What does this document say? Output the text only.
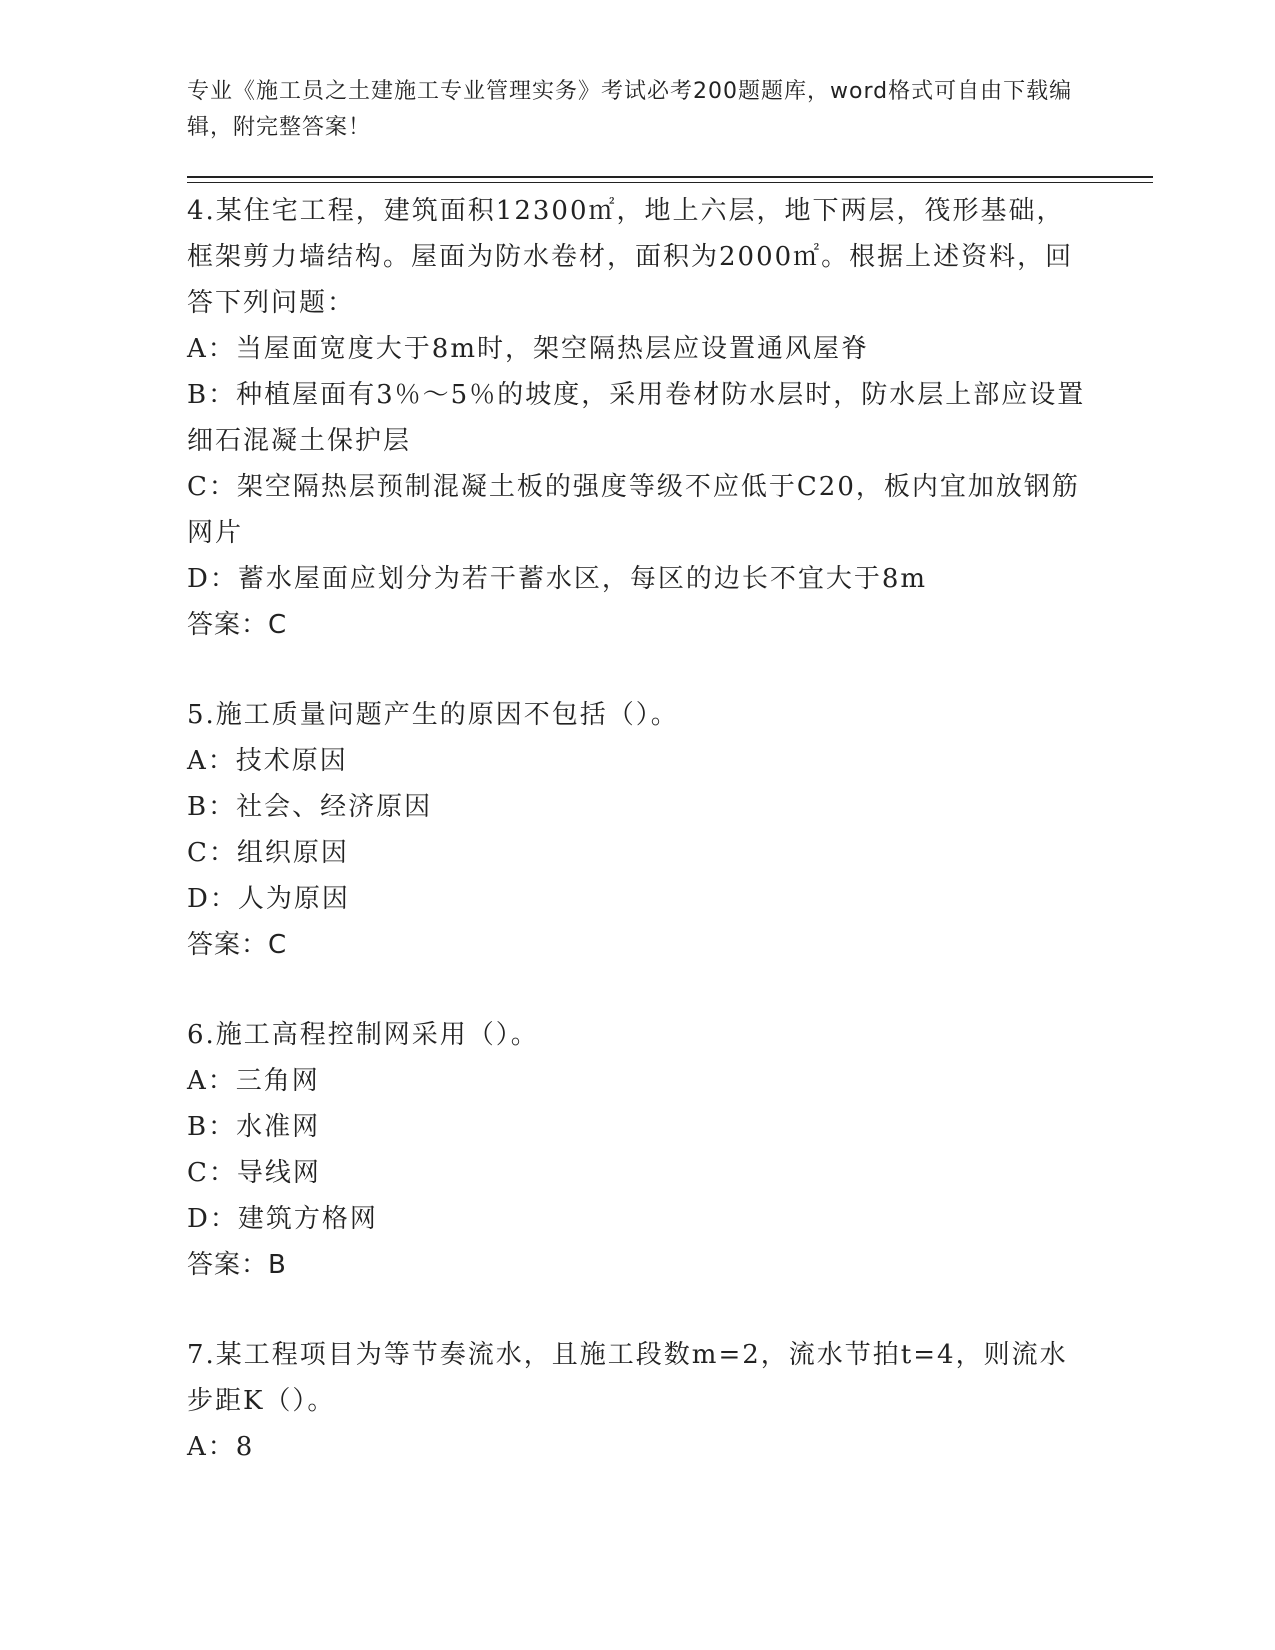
专业《施工员之土建施工专业管理实务》考试必考200题题库，word格式可自由下载编辑，附完整答案！

4.某住宅工程，建筑面积12300㎡，地上六层，地下两层，筏形基础，框架剪力墙结构。屋面为防水卷材，面积为2000㎡。根据上述资料，回答下列问题：

A：当屋面宽度大于8m时，架空隔热层应设置通风屋脊

B：种植屋面有3％～5％的坡度，采用卷材防水层时，防水层上部应设置细石混凝土保护层

C：架空隔热层预制混凝土板的强度等级不应低于C20，板内宜加放钢筋网片

D：蓄水屋面应划分为若干蓄水区，每区的边长不宜大于8m

答案：C

5.施工质量问题产生的原因不包括（）。

A：技术原因

B：社会、经济原因

C：组织原因

D：人为原因

答案：C

6.施工高程控制网采用（）。

A：三角网

B：水准网

C：导线网

D：建筑方格网

答案：B

7.某工程项目为等节奏流水，且施工段数m=2，流水节拍t=4，则流水步距K（）。

A：8
